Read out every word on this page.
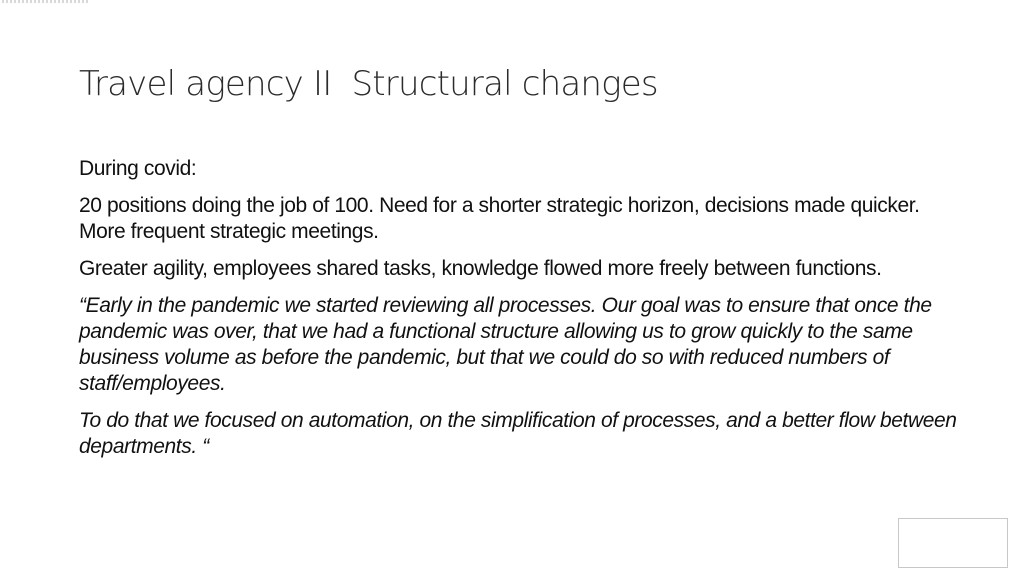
Travel agency II  Structural changes

During covid:

20 positions doing the job of 100. Need for a shorter strategic horizon, decisions made quicker. More frequent strategic meetings.

Greater agility, employees shared tasks, knowledge flowed more freely between functions.

“Early in the pandemic we started reviewing all processes. Our goal was to ensure that once the pandemic was over, that we had a functional structure allowing us to grow quickly to the same business volume as before the pandemic, but that we could do so with reduced numbers of staff/employees.

To do that we focused on automation, on the simplification of processes, and a better flow between departments. “
